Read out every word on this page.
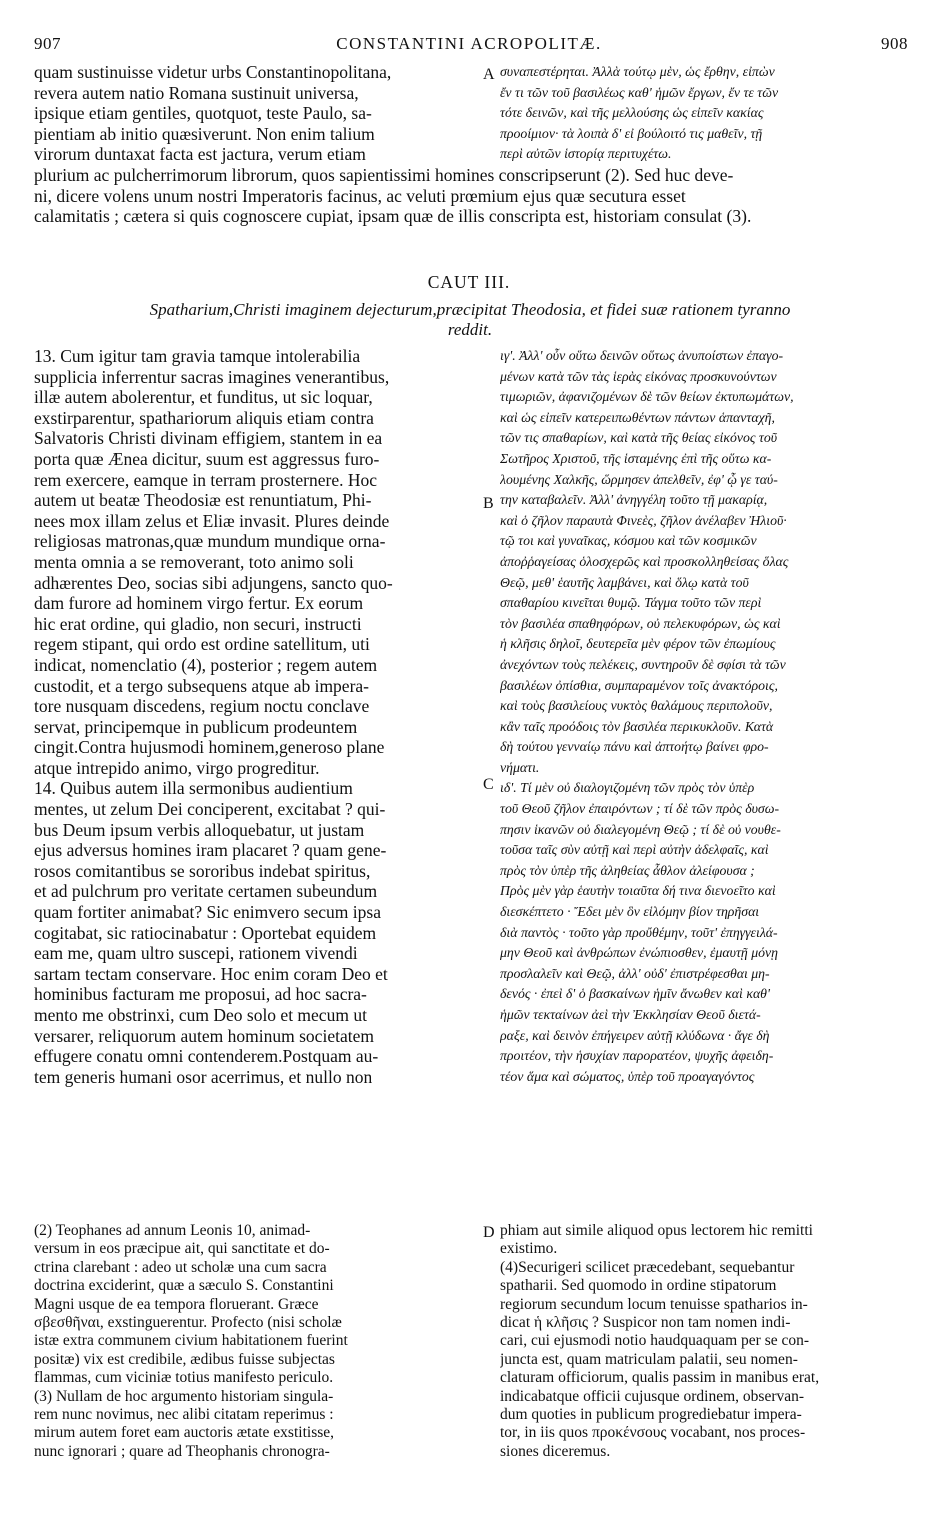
907	CONSTANTINI ACROPOLITÆ.	908
quam sustinuisse videtur urbs Constantinopolitana,
revera autem natio Romana sustinuit universa,
ipsique etiam gentiles, quotquot, teste Paulo, sa-
pientiam ab initio quæsiverunt. Non enim talium
virorum duntaxat facta est jactura, verum etiam
A συναπεστέρηται. Ἀλλὰ τούτῳ μὲν, ὡς ἔρθην, εἰπὼν
ἔν τι τῶν τοῦ βασιλέως καθ' ἡμῶν ἔργων, ἔν τε τῶν
τότε δεινῶν, καὶ τῆς μελλούσης ὡς εἰπεῖν κακίας
προοίμιον· τὰ λοιπὰ δ' εἰ βούλοιτό τις μαθεῖν, τῇ
περὶ αὐτῶν ἱστορίᾳ περιτυχέτω.
plurium ac pulcherrimorum librorum, quos sapientissimi homines conscripserunt (2). Sed huc deve-
ni, dicere volens unum nostri Imperatoris facinus, ac veluti prœmium ejus quæ secutura esset
calamitatis ; cætera si quis cognoscere cupiat, ipsam quæ de illis conscripta est, historiam consulat (3).
CAUT III.
Spatharium,Christi imaginem dejecturum,præcipitat Theodosia, et fidei suæ rationem tyranno
reddit.
13. Cum igitur tam gravia tamque intolerabilia
supplicia inferrentur sacras imagines venerantibus,
illæ autem abolerentur, et funditus, ut sic loquar,
exstirparentur, spathariorum aliquis etiam contra
Salvatoris Christi divinam effigiem, stantem in ea
porta quæ Ænea dicitur, suum est aggressus furo-
rem exercere, eamque in terram prosternere. Hoc
autem ut beatæ Theodosiæ est renuntiatum, Phi-
nees mox illam zelus et Eliæ invasit. Plures deinde
religiosas matronas,quæ mundum mundique orna-
menta omnia a se removerant, toto animo soli
adhærentes Deo, socias sibi adjungens, sancto quo-
dam furore ad hominem virgo fertur. Ex eorum
hic erat ordine, qui gladio, non securi, instructi
regem stipant, qui ordo est ordine satellitum, uti
indicat, nomenclatio (4), posterior ; regem autem
custodit, et a tergo subsequens atque ab impera-
tore nusquam discedens, regium noctu conclave
servat, principemque in publicum prodeuntem
cingit.Contra hujusmodi hominem,generoso plane
atque intrepido animo, virgo progreditur.
14. Quibus autem illa sermonibus audientium
mentes, ut zelum Dei conciperent, excitabat ? qui-
bus Deum ipsum verbis alloquebatur, ut justam
ejus adversus homines iram placaret ? quam gene-
rosos comitantibus se sororibus indebat spiritus,
et ad pulchrum pro veritate certamen subeundum
quam fortiter animabat? Sic enimvero secum ipsa
cogitabat, sic ratiocinabatur : Oportebat equidem
eam me, quam ultro suscepi, rationem vivendi
sartam tectam conservare. Hoc enim coram Deo et
hominibus facturam me proposui, ad hoc sacra-
mento me obstrinxi, cum Deo solo et mecum ut
versarer, reliquorum autem hominum societatem
effugere conatu omni contenderem.Postquam au-
tem generis humani osor acerrimus, et nullo non
B
C
ιγ'. Ἀλλ' οὖν οὕτω δεινῶν οὕτως ἀνυποίστων ἐπαγο-
μένων κατὰ τῶν τὰς ἱερὰς εἰκόνας προσκυνούντων
τιμωριῶν, ἀφανιζομένων δὲ τῶν θείων ἐκτυπωμάτων,
καὶ ὡς εἰπεῖν κατερειπωθέντων πάντων ἁπανταχῆ,
τῶν τις σπαθαρίων, καὶ κατὰ τῆς θείας εἰκόνος τοῦ
Σωτῆρος Χριστοῦ, τῆς ἱσταμένης ἐπὶ τῆς οὕτω κα-
λουμένης Χαλκῆς, ὥρμησεν ἀπελθεῖν, ἐφ' ᾧ γε ταύ-
την καταβαλεῖν. Ἀλλ' ἀνηγγέλη τοῦτο τῇ μακαρίᾳ,
καὶ ὁ ζῆλον παραυτὰ Φινεὲς, ζῆλον ἀνέλαβεν Ἠλιοῦ·
τῷ τοι καὶ γυναῖκας, κόσμου καὶ τῶν κοσμικῶν
ἀποῤῥαγείσας ὁλοσχερῶς καὶ προσκολληθείσας ὅλας
Θεῷ, μεθ' ἑαυτῆς λαμβάνει, καὶ ὅλῳ κατὰ τοῦ
σπαθαρίου κινεῖται θυμῷ. Τάγμα τοῦτο τῶν περὶ
τὸν βασιλέα σπαθηφόρων, οὐ πελεκυφόρων, ὡς καὶ
ἡ κλῆσις δηλοῖ, δευτερεῖα μὲν φέρον τῶν ἐπωμίους
ἀνεχόντων τοὺς πελέκεις, συντηροῦν δὲ σφίσι τὰ τῶν
βασιλέων ὀπίσθια, συμπαραμένον τοῖς ἀνακτόροις,
καὶ τοὺς βασιλείους νυκτὸς θαλάμους περιπολοῦν,
κἂν ταῖς προόδοις τὸν βασιλέα περικυκλοῦν. Κατὰ
δὴ τούτου γενναίῳ πάνυ καὶ ἀπτοήτῳ βαίνει φρο-
νήματι.
ιδ'. Τί μὲν οὐ διαλογιζομένη τῶν πρὸς τὸν ὑπὲρ
τοῦ Θεοῦ ζῆλον ἐπαιρόντων ; τί δὲ τῶν πρὸς δυσω-
πησιν ἱκανῶν οὐ διαλεγομένη Θεῷ ; τί δὲ οὐ νουθε-
τοῦσα ταῖς σὺν αὐτῇ καὶ περὶ αὐτὴν ἀδελφαῖς, καὶ
πρὸς τὸν ὑπὲρ τῆς ἀληθείας ἆθλον ἀλείφουσα ;
Πρὸς μὲν γὰρ ἑαυτὴν τοιαῦτα δή τινα διενοεῖτο καὶ
διεσκέπτετο · Ἔδει μὲν ὃν εἱλόμην βίον τηρῆσαι
διὰ παντὸς · τοῦτο γὰρ προὔθέμην, τοῦτ' ἐπηγγειλά-
μην Θεοῦ καὶ ἀνθρώπων ἐνώπιοσθεν, ἐμαυτῇ μόνῃ
προσλαλεῖν καὶ Θεῷ, ἀλλ' οὐδ' ἐπιστρέφεσθαι μη-
δενός · ἐπεὶ δ' ὁ βασκαίνων ἡμῖν ἄνωθεν καὶ καθ'
ἡμῶν τεκταίνων ἀεὶ τὴν Ἐκκλησίαν Θεοῦ διετά-
ραξε, καὶ δεινὸν ἐπήγειρεν αὐτῇ κλύδωνα · ἄγε δὴ
προιτέον, τὴν ἡσυχίαν παρορατέον, ψυχῆς ἀφειδη-
τέον ἅμα καὶ σώματος, ὑπὲρ τοῦ προαγαγόντος
(2) Teophanes ad annum Leonis 10, animad-
versum in eos præcipue ait, qui sanctitate et do-
ctrina clarebant : adeo ut scholæ una cum sacra
doctrina exciderint, quæ a sæculo S. Constantini
Magni usque de ea tempora floruerant. Græce
σβεσθῆναι, exstinguerentur. Profecto (nisi scholæ
istæ extra communem civium habitationem fuerint
positæ) vix est credibile, ædibus fuisse subjectas
flammas, cum viciniæ totius manifesto periculo.
(3) Nullam de hoc argumento historiam singula-
rem nunc novimus, nec alibi citatam reperimus :
mirum autem foret eam auctoris ætate exstitisse,
nunc ignorari ; quare ad Theophanis chronogra-
D phiam aut simile aliquod opus lectorem hic remitti
existimo.
(4)Securigeri scilicet præcedebant, sequebantur
spatharii. Sed quomodo in ordine stipatorum
regiorum secundum locum tenuisse spatharios in-
dicat ἡ κλῆσις ? Suspicor non tam nomen indi-
cari, cui ejusmodi notio haudquaquam per se con-
juncta est, quam matriculam palatii, seu nomen-
claturam officiorum, qualis passim in manibus erat,
indicabatque officii cujusque ordinem, observan-
dum quoties in publicum progrediebatur impera-
tor, in iis quos προκένσους vocabant, nos proces-
siones diceremus.
